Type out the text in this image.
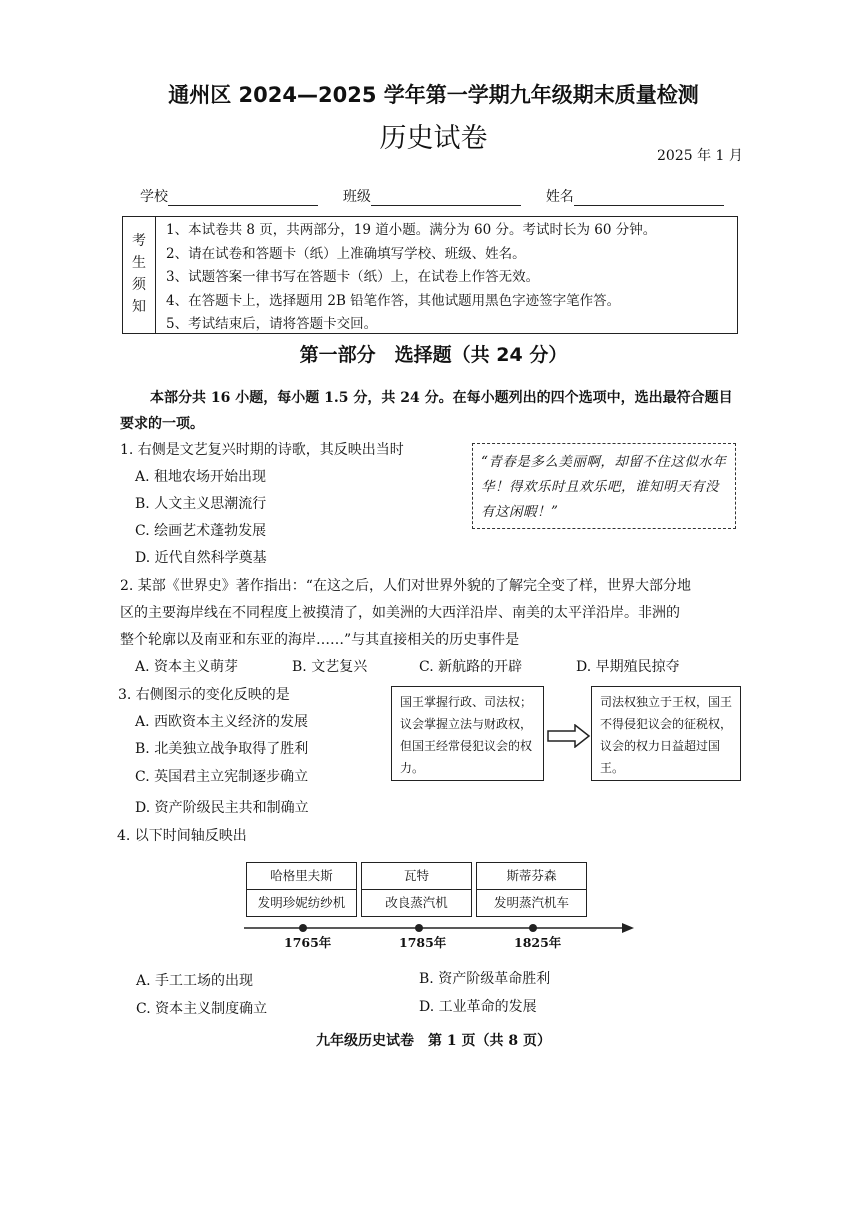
通州区 2024—2025 学年第一学期九年级期末质量检测
历史试卷
2025 年 1 月
学校	班级	姓名
考
生
须
知
1、本试卷共 8 页，共两部分，19 道小题。满分为 60 分。考试时长为 60 分钟。
2、请在试卷和答题卡（纸）上准确填写学校、班级、姓名。
3、试题答案一律书写在答题卡（纸）上，在试卷上作答无效。
4、在答题卡上，选择题用 2B 铅笔作答，其他试题用黑色字迹签字笔作答。
5、考试结束后，请将答题卡交回。
第一部分　选择题（共 24 分）
本部分共 16 小题，每小题 1.5 分，共 24 分。在每小题列出的四个选项中，选出最符合题目要求的一项。
1. 右侧是文艺复兴时期的诗歌，其反映出当时
A. 租地农场开始出现
B. 人文主义思潮流行
C. 绘画艺术蓬勃发展
D. 近代自然科学奠基
“青春是多么美丽啊，却留不住这似水年华！得欢乐时且欢乐吧，谁知明天有没有这闲暇！”
2. 某部《世界史》著作指出：“在这之后，人们对世界外貌的了解完全变了样，世界大部分地
区的主要海岸线在不同程度上被摸清了，如美洲的大西洋沿岸、南美的太平洋沿岸。非洲的
整个轮廓以及南亚和东亚的海岸……”与其直接相关的历史事件是
A. 资本主义萌芽	B. 文艺复兴	C. 新航路的开辟	D. 早期殖民掠夺
3. 右侧图示的变化反映的是
A. 西欧资本主义经济的发展
B. 北美独立战争取得了胜利
C. 英国君主立宪制逐步确立
D. 资产阶级民主共和制确立
国王掌握行政、司法权；议会掌握立法与财政权，但国王经常侵犯议会的权力。
司法权独立于王权，国王不得侵犯议会的征税权，议会的权力日益超过国王。
4. 以下时间轴反映出
哈格里夫斯
发明珍妮纺纱机
瓦特
改良蒸汽机
斯蒂芬森
发明蒸汽机车
1765年	1785年	1825年
A. 手工工场的出现	B. 资产阶级革命胜利
C. 资本主义制度确立	D. 工业革命的发展
九年级历史试卷　第 1 页（共 8 页）
